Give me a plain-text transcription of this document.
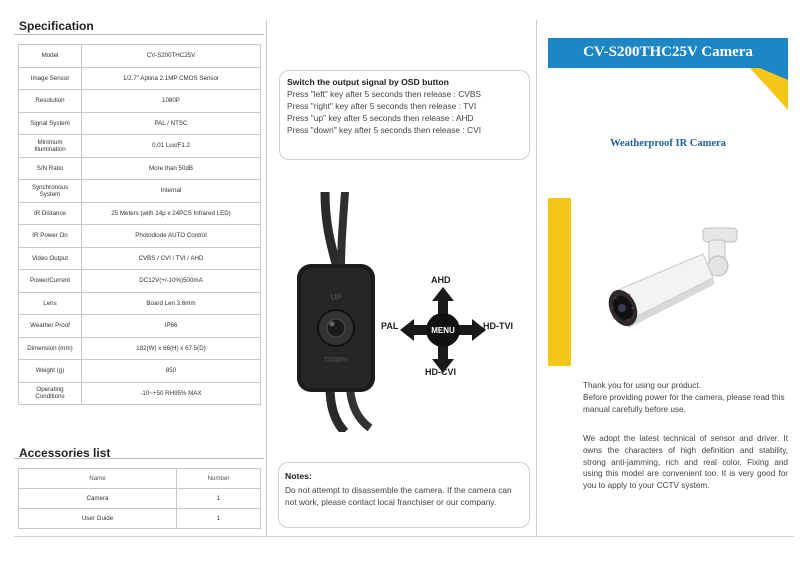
Specification
Model	CV-S200THC25V
Image Sensor	1/2.7" Aptina 2.1MP CMOS Sensor
Resolution	1080P
Signal System	PAL / NTSC
Minimum Illumination	0.01 Lux/F1.2
S/N Ratio	More than 50dB
Synchronous System	Internal
IR Distance	25 Meters (with 14μ x 24PCS Infrared LED)
IR Power On	Photodiode AUTO Control
Video Output	CVBS / CVI / TVI / AHD
Power/Current	DC12V(+/-10%)500mA
Lens	Board Len 3.6mm
Weather Proof	IP66
Dimension (mm)	182(W) x 66(H) x 67.5(D)
Weight (g)	850
Operating Conditions	-10~+50 RH95% MAX
Accessories list
Name	Number
Camera	1
User Guide	1
Switch the output signal by OSD button
Press "left" key after 5 seconds then release : CVBS
Press "right" key after 5 seconds then release : TVI
Press "up" key after 5 seconds then release : AHD
Press "down" key after 5 seconds then release : CVI
UP
DOWN
MENU
AHD
HD-CVI
PAL	HD-TVI
Notes:
Do not attempt to disassemble the camera. If the camera can not work, please contact local franchiser or our company.
CV-S200THC25V Camera
Weatherproof IR Camera
Thank you for using our product.
Before providing power for the camera, please read this manual carefully before use.
We adopt the latest technical of sensor and driver. It owns the characters of high definition and stability, strong anti-jamming, rich and real color. Fixing and using this model are convenient too. It is very good for you to apply to your CCTV system.
